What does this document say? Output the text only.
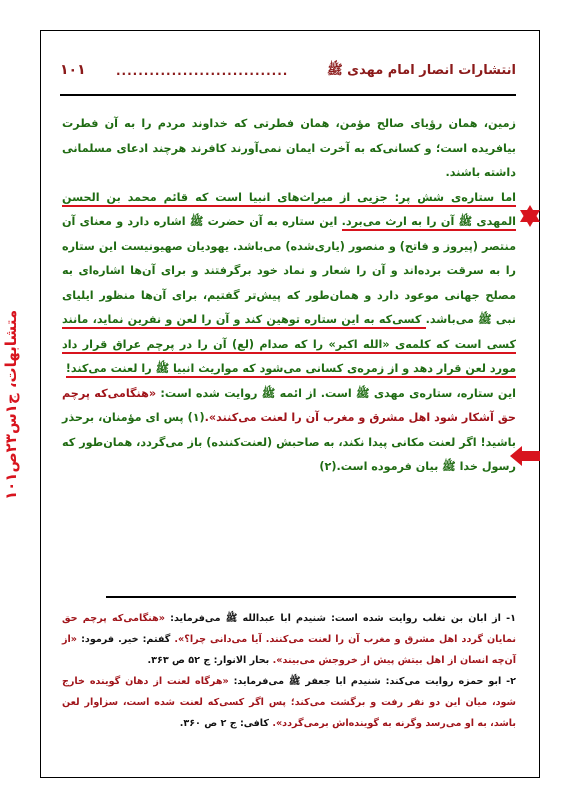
۱۰۱	...............................	انتشارات انصار امام مهدی ﷺ
متشابهات، ج۱س۲۳ص۱۰۱

زمین، همان رؤیای صالح مؤمن، همان فطرتی که خداوند مردم را به آن فطرت بیافریده است؛ و کسانی‌که به آخرت ایمان نمی‌آورند کافرند هرچند ادعای مسلمانی داشته باشند.

اما ستاره‌ی شش پر: جزیی از میراث‌های انبیا است که قائم محمد بن الحسن المهدی ﷺ آن را به ارث می‌برد. این ستاره به آن حضرت ﷺ اشاره دارد و معنای آن منتصر (پیروز و فاتح) و منصور (یاری‌شده) می‌باشد. یهودیان صهیونیست این ستاره را به سرقت برده‌اند و آن را شعار و نماد خود برگرفتند و برای آن‌ها اشاره‌ای به مصلح جهانی موعود دارد و همان‌طور که پیش‌تر گفتیم، برای آن‌ها منظور ایلیای نبی ﷺ می‌باشد. کسی‌که به این ستاره توهین کند و آن را لعن و نفرین نماید، مانند کسی است که کلمه‌ی «الله اکبر» را که صدام (لع) آن را در پرچم عراق قرار داد مورد لعن قرار دهد و از زمره‌ی کسانی می‌شود که مواریث انبیا ﷺ را لعنت می‌کند!

این ستاره، ستاره‌ی مهدی ﷺ است. از ائمه ﷺ روایت شده است: «هنگامی‌که پرچم حق آشکار شود اهل مشرق و مغرب آن را لعنت می‌کنند».(۱) پس ای مؤمنان، برحذر باشید! اگر لعنت مکانی پیدا نکند، به صاحبش (لعنت‌کننده) باز می‌گردد، همان‌طور که رسول خدا ﷺ بیان فرموده است.(۲)

۱- از ابان بن تغلب روایت شده است: شنیدم ابا عبدالله ﷺ می‌فرماید: «هنگامی‌که پرچم حق نمایان گردد اهل مشرق و مغرب آن را لعنت می‌کنند. آیا می‌دانی چرا؟». گفتم: خیر. فرمود: «از آن‌چه انسان از اهل بیتش پیش از خروجش می‌بیند». بحار الانوار: ج ۵۲ ص ۳۶۳.

۲- ابو حمزه روایت می‌کند: شنیدم ابا جعفر ﷺ می‌فرماید: «هرگاه لعنت از دهان گوینده خارج شود، میان این دو نفر رفت و برگشت می‌کند؛ پس اگر کسی‌که لعنت شده است، سزاوار لعن باشد، به او می‌رسد وگرنه به گوینده‌اش برمی‌گردد». کافی: ج ۲ ص ۳۶۰.
